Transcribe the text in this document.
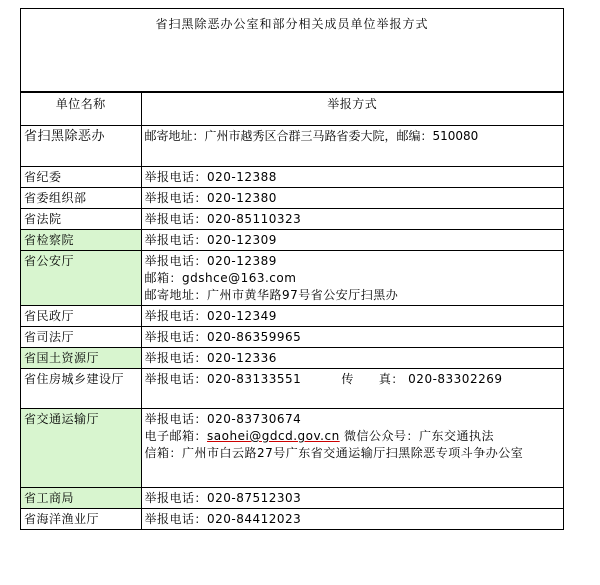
省扫黑除恶办公室和部分相关成员单位举报方式
单位名称	举报方式
省扫黑除恶办	邮寄地址：广州市越秀区合群三马路省委大院，邮编：510080
省纪委	举报电话：020-12388
省委组织部	举报电话：020-12380
省法院	举报电话：020-85110323
省检察院	举报电话：020-12309
省公安厅	举报电话：020-12389
邮箱：gdshce@163.com
邮寄地址：广州市黄华路97号省公安厅扫黑办

省民政厅	举报电话：020-12349
省司法厅	举报电话：020-86359965
省国土资源厅	举报电话：020-12336
省住房城乡建设厅	举报电话：020-83133551 传　　真： 020-83302269
省交通运输厅	举报电话：020-83730674
电子邮箱：saohei@gdcd.gov.cn 微信公众号：广东交通执法
信箱：广州市白云路27号广东省交通运输厅扫黑除恶专项斗争办公室

省工商局	举报电话：020-87512303
省海洋渔业厅	举报电话：020-84412023
